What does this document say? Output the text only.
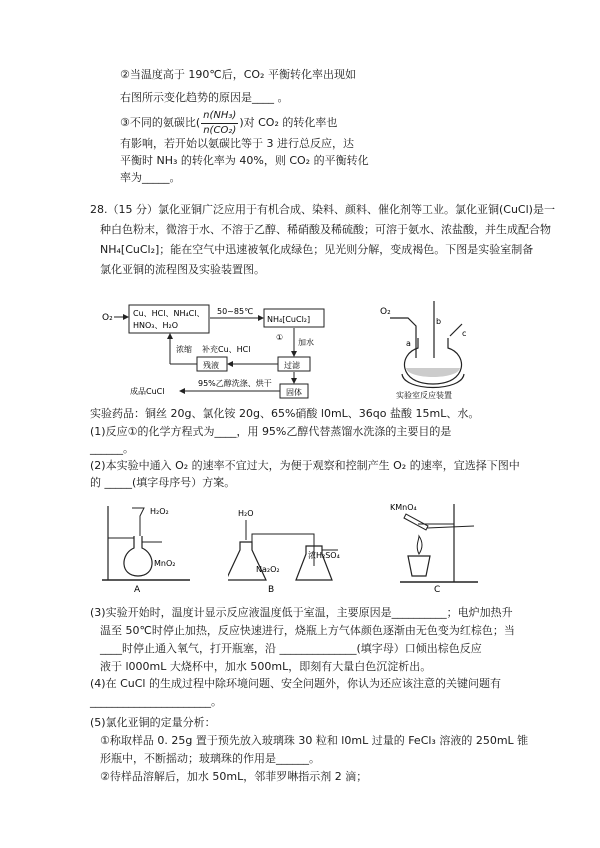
②当温度高于 190℃后，CO₂ 平衡转化率出现如
右图所示变化趋势的原因是____ 。
③不同的氨碳比( $\frac{\text{n(NH₃)}}{\text{n(CO₂)}}$ )对 CO₂ 的转化率也
有影响，若开始以氨碳比等于 3 进行总反应，达
平衡时 NH₃ 的转化率为 40%，则 CO₂ 的平衡转化
率为_____。
28.（15 分）氯化亚铜广泛应用于有机合成、染料、颜料、催化剂等工业。氯化亚铜(CuCl)是一
种白色粉末，微溶于水、不溶于乙醇、稀硝酸及稀硫酸；可溶于氨水、浓盐酸，并生成配合物
NH₄[CuCl₂]；能在空气中迅速被氧化成绿色；见光则分解，变成褐色。下图是实验室制备
氯化亚铜的流程图及实验装置图。
O₂	Cu、HCl、NH₄Cl、
HNO₃、H₂O
50~85℃
NH₄[CuCl₂]
①
加水
过滤
固体
95%乙醇洗涤、烘干
成品CuCl
残液
浓缩 补充Cu、HCl
O₂
a
b
c
实验室反应装置
实验药品：铜丝 20g、氯化铵 20g、65%硝酸 l0mL、36qo 盐酸 15mL、水。
(1)反应①的化学方程式为____，用 95%乙醇代替蒸馏水洗涤的主要目的是
______。
(2)本实验中通入 O₂ 的速率不宜过大，为便于观察和控制产生 O₂ 的速率，宜选择下图中
的 _____(填字母序号）方案。
H₂O₂
MnO₂
A
H₂O
Na₂O₂
浓H₂SO₄
B
KMnO₄
C
(3)实验开始时，温度计显示反应液温度低于室温，主要原因是__________；电炉加热升
温至 50℃时停止加热，反应快速进行，烧瓶上方气体颜色逐渐由无色变为红棕色；当
____时停止通入氧气，打开瓶塞，沿 ______________(填字母）口倾出棕色反应
液于 l000mL 大烧杯中，加水 500mL，即刻有大量白色沉淀析出。
(4)在 CuCl 的生成过程中除环境问题、安全问题外，你认为还应该注意的关键问题有
______________________。
(5)氯化亚铜的定量分析：
①称取样品 0. 25g 置于预先放入玻璃珠 30 粒和 l0mL 过量的 FeCl₃ 溶液的 250mL 锥
形瓶中，不断摇动；玻璃珠的作用是______。
②待样品溶解后，加水 50mL，邻菲罗啉指示剂 2 滴；
